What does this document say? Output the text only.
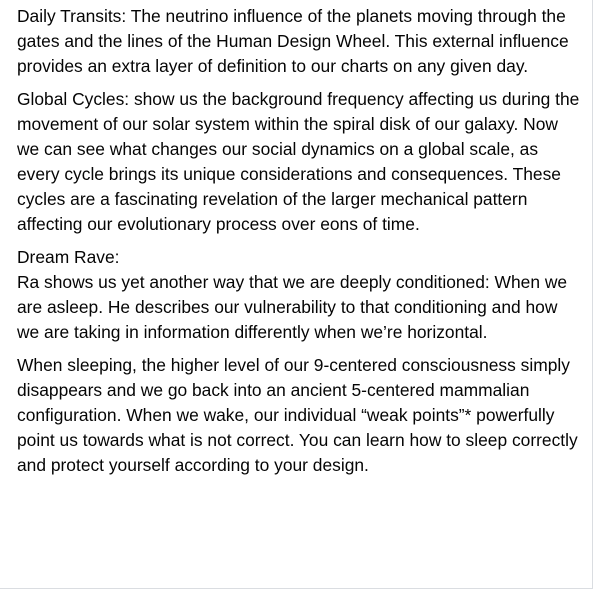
Daily Transits: The neutrino influence of the planets moving through the gates and the lines of the Human Design Wheel. This external influence provides an extra layer of definition to our charts on any given day.

Global Cycles: show us the background frequency affecting us during the movement of our solar system within the spiral disk of our galaxy. Now we can see what changes our social dynamics on a global scale, as every cycle brings its unique considerations and consequences. These cycles are a fascinating revelation of the larger mechanical pattern affecting our evolutionary process over eons of time.

Dream Rave:
Ra shows us yet another way that we are deeply conditioned: When we are asleep. He describes our vulnerability to that conditioning and how we are taking in information differently when we’re horizontal.

When sleeping, the higher level of our 9-centered consciousness simply disappears and we go back into an ancient 5-centered mammalian configuration. When we wake, our individual “weak points”* powerfully point us towards what is not correct. You can learn how to sleep correctly and protect yourself according to your design.
